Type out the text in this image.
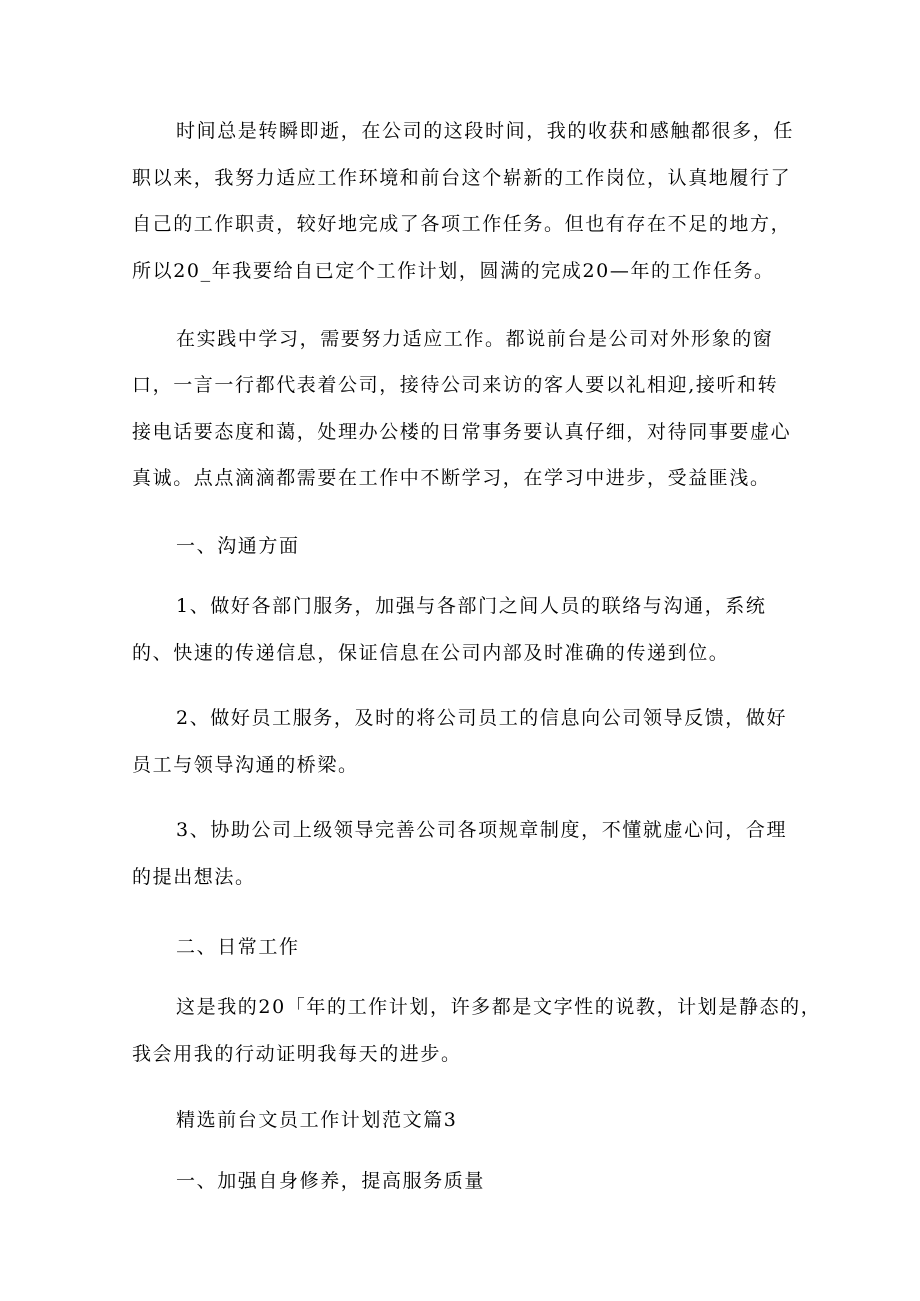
时间总是转瞬即逝，在公司的这段时间，我的收获和感触都很多，任

职以来，我努力适应工作环境和前台这个崭新的工作岗位，认真地履行了

自己的工作职责，较好地完成了各项工作任务。但也有存在不足的地方，

所以20_年我要给自已定个工作计划，圆满的完成20—年的工作任务。

在实践中学习，需要努力适应工作。都说前台是公司对外形象的窗

口，一言一行都代表着公司，接待公司来访的客人要以礼相迎,接听和转

接电话要态度和蔼，处理办公楼的日常事务要认真仔细，对待同事要虚心

真诚。点点滴滴都需要在工作中不断学习，在学习中进步，受益匪浅。

一、沟通方面

1、做好各部门服务，加强与各部门之间人员的联络与沟通，系统

的、快速的传递信息，保证信息在公司内部及时准确的传递到位。

2、做好员工服务，及时的将公司员工的信息向公司领导反馈，做好

员工与领导沟通的桥梁。

3、协助公司上级领导完善公司各项规章制度，不懂就虚心问，合理

的提出想法。

二、日常工作

这是我的20「年的工作计划，许多都是文字性的说教，计划是静态的，

我会用我的行动证明我每天的进步。

精选前台文员工作计划范文篇3

一、加强自身修养，提高服务质量
